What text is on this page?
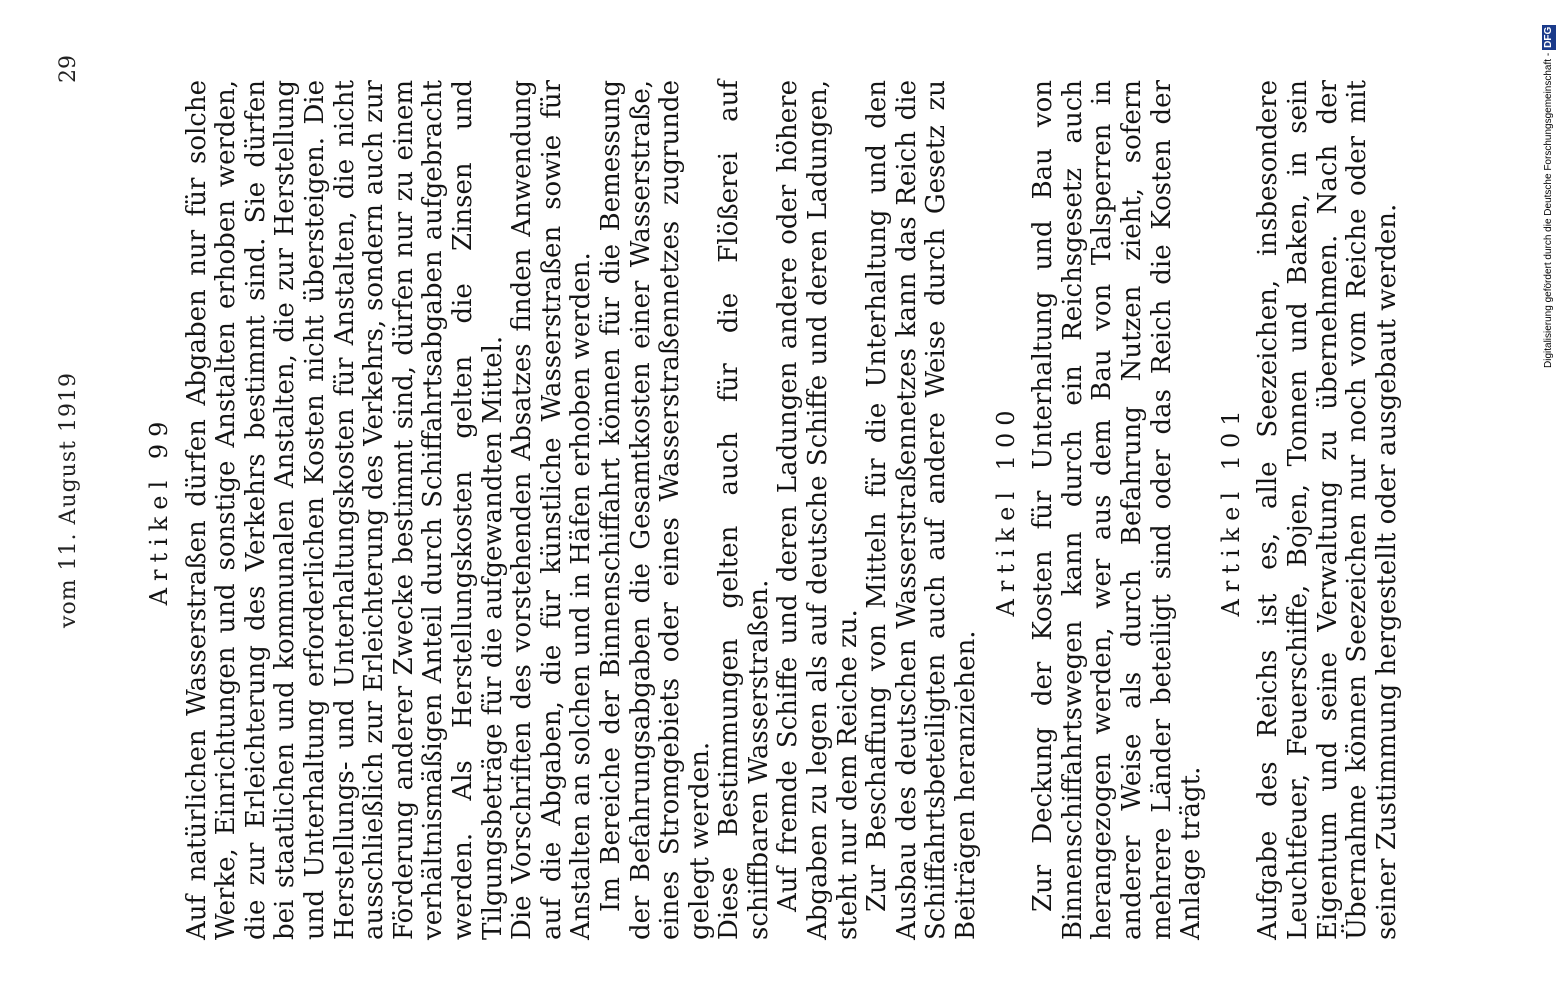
vom 11. August 1919
29
Artikel 99 Auf natürlichen Wasserstraßen dürfen Abgaben nur für solche Werke, Einrichtungen und sonstige Anstalten erhoben werden, die zur Erleichterung des Verkehrs bestimmt sind. Sie dürfen bei staatlichen und kommunalen Anstalten, die zur Herstellung und Unterhaltung erforderlichen Kosten nicht übersteigen. Die Herstellungs- und Unterhaltungskosten für Anstalten, die nicht ausschließlich zur Erleichterung des Verkehrs, sondern auch zur Förderung anderer Zwecke bestimmt sind, dürfen nur zu einem verhältnismäßigen Anteil durch Schiffahrtsabgaben aufgebracht werden. Als Herstellungskosten gelten die Zinsen und Tilgungsbeträge für die aufgewandten Mittel. Die Vorschriften des vorstehenden Absatzes finden Anwendung auf die Abgaben, die für künstliche Wasserstraßen sowie für Anstalten an solchen und in Häfen erhoben werden. Im Bereiche der Binnenschiffahrt können für die Bemessung der Befahrungsabgaben die Gesamtkosten einer Wasserstraße, eines Stromgebiets oder eines Wasserstraßennetzes zugrunde gelegt werden. Diese Bestimmungen gelten auch für die Flößerei auf schiffbaren Wasserstraßen. Auf fremde Schiffe und deren Ladungen andere oder höhere Abgaben zu legen als auf deutsche Schiffe und deren Ladungen, steht nur dem Reiche zu. Zur Beschaffung von Mitteln für die Unterhaltung und den Ausbau des deutschen Wasserstraßennetzes kann das Reich die Schiffahrtsbeteiligten auch auf andere Weise durch Gesetz zu Beiträgen heranziehen.

Artikel 100 Zur Deckung der Kosten für Unterhaltung und Bau von Binnenschiffahrtswegen kann durch ein Reichsgesetz auch herangezogen werden, wer aus dem Bau von Talsperren in anderer Weise als durch Befahrung Nutzen zieht, sofern mehrere Länder beteiligt sind oder das Reich die Kosten der Anlage trägt.

Artikel 101 Aufgabe des Reichs ist es, alle Seezeichen, insbesondere Leuchtfeuer, Feuerschiffe, Bojen, Tonnen und Baken, in sein Eigentum und seine Verwaltung zu übernehmen. Nach der Übernahme können Seezeichen nur noch vom Reiche oder mit seiner Zustimmung hergestellt oder ausgebaut werden.	Digitalisierung gefördert durch die Deutsche Forschungsgemeinschaft -DFG
